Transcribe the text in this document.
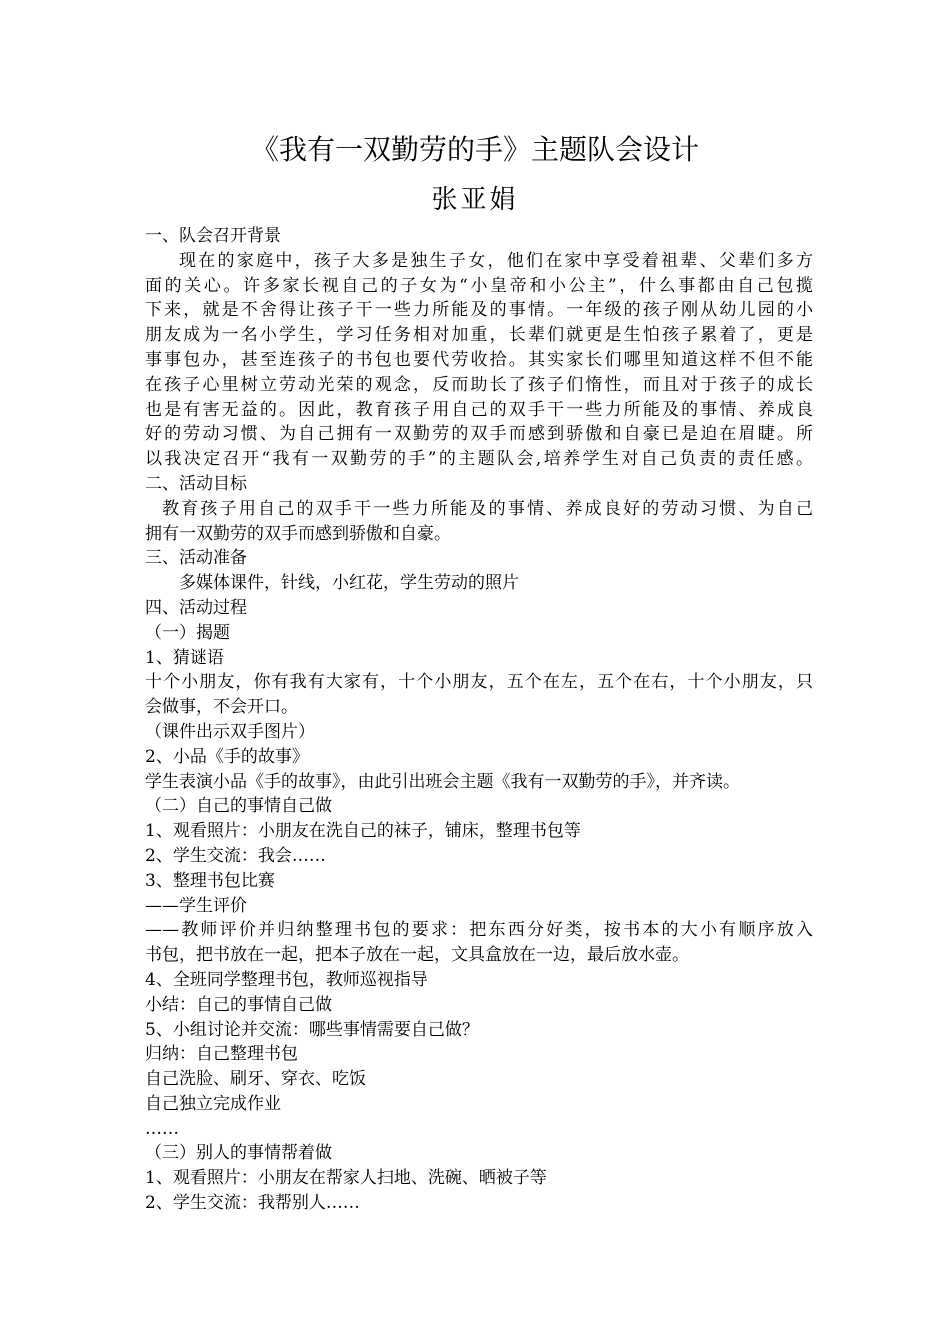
《我有一双勤劳的手》主题队会设计
张亚娟
一、队会召开背景
现在的家庭中，孩子大多是独生子女，他们在家中享受着祖辈、父辈们多方
面的关心。许多家长视自己的子女为“小皇帝和小公主”，什么事都由自己包揽
下来，就是不舍得让孩子干一些力所能及的事情。一年级的孩子刚从幼儿园的小
朋友成为一名小学生，学习任务相对加重，长辈们就更是生怕孩子累着了，更是
事事包办，甚至连孩子的书包也要代劳收拾。其实家长们哪里知道这样不但不能
在孩子心里树立劳动光荣的观念，反而助长了孩子们惰性，而且对于孩子的成长
也是有害无益的。因此，教育孩子用自己的双手干一些力所能及的事情、养成良
好的劳动习惯、为自己拥有一双勤劳的双手而感到骄傲和自豪已是迫在眉睫。所
以我决定召开“我有一双勤劳的手”的主题队会,培养学生对自己负责的责任感。
二、活动目标
教育孩子用自己的双手干一些力所能及的事情、养成良好的劳动习惯、为自己
拥有一双勤劳的双手而感到骄傲和自豪。
三、活动准备
多媒体课件，针线，小红花，学生劳动的照片
四、活动过程
（一）揭题
1、猜谜语
十个小朋友，你有我有大家有，十个小朋友，五个在左，五个在右，十个小朋友，只
会做事，不会开口。
（课件出示双手图片）
2、小品《手的故事》
学生表演小品《手的故事》，由此引出班会主题《我有一双勤劳的手》，并齐读。
（二）自己的事情自己做
1、观看照片：小朋友在洗自己的袜子，铺床，整理书包等
2、学生交流：我会……
3、整理书包比赛
——学生评价
——教师评价并归纳整理书包的要求：把东西分好类，按书本的大小有顺序放入
书包，把书放在一起，把本子放在一起，文具盒放在一边，最后放水壶。
4、全班同学整理书包，教师巡视指导
小结：自己的事情自己做
5、小组讨论并交流：哪些事情需要自己做？
归纳：自己整理书包
自己洗脸、刷牙、穿衣、吃饭
自己独立完成作业
……
（三）别人的事情帮着做
1、观看照片：小朋友在帮家人扫地、洗碗、晒被子等
2、学生交流：我帮别人……
